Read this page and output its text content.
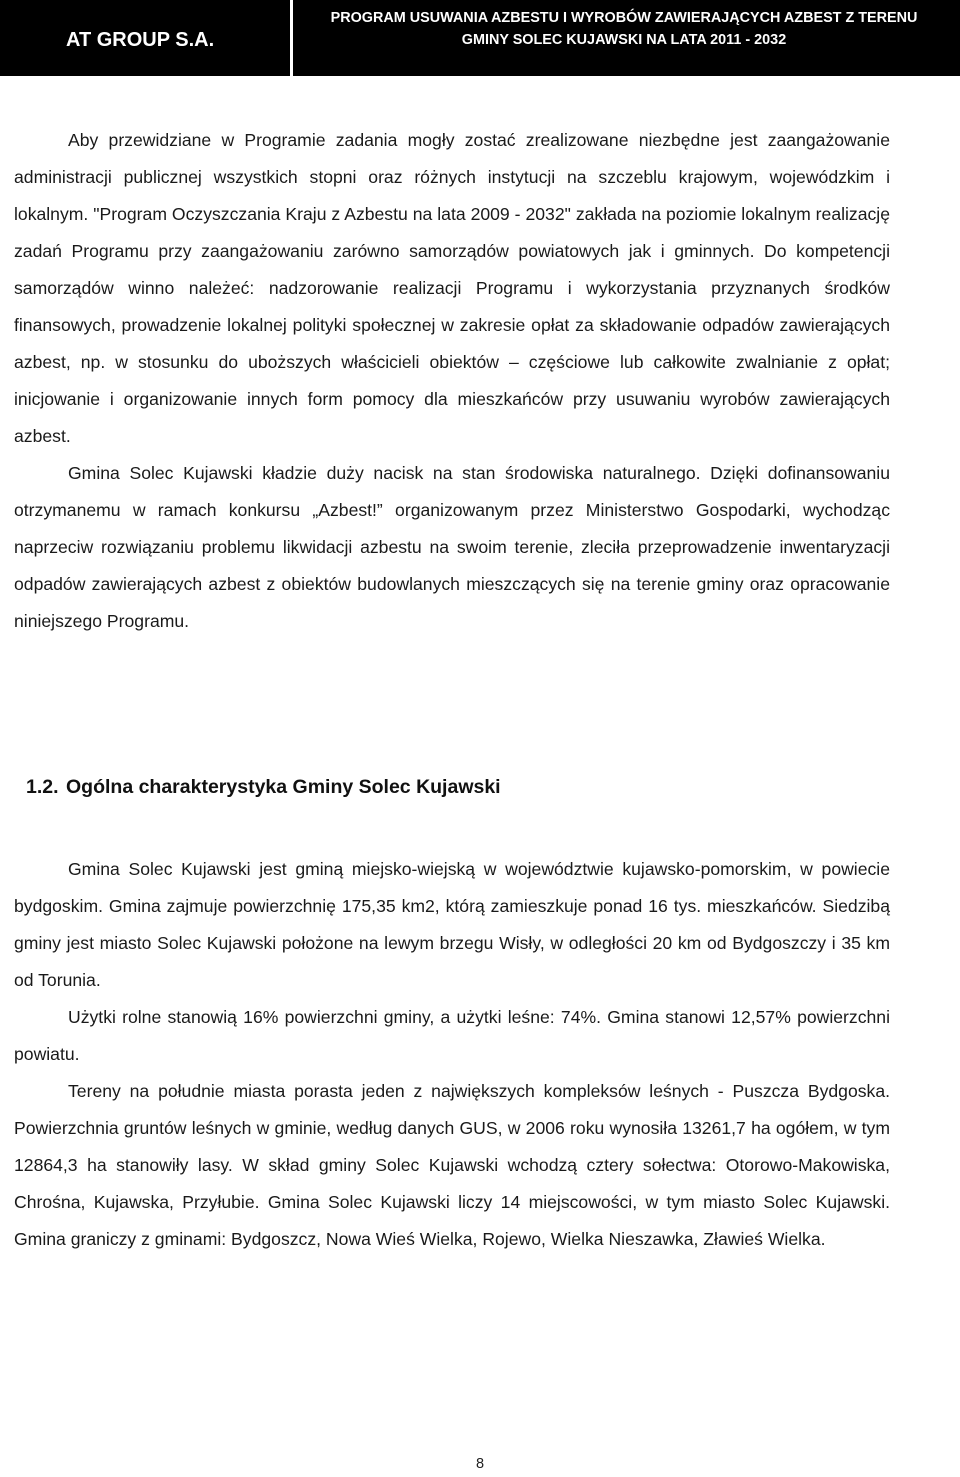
AT GROUP S.A.
PROGRAM USUWANIA AZBESTU I WYROBÓW ZAWIERAJĄCYCH AZBEST Z TERENU
GMINY SOLEC KUJAWSKI NA LATA 2011 - 2032

Aby przewidziane w Programie zadania mogły zostać zrealizowane niezbędne jest zaangażowanie administracji publicznej wszystkich stopni oraz różnych instytucji na szczeblu krajowym, wojewódzkim i lokalnym. "Program Oczyszczania Kraju z Azbestu na lata 2009 - 2032" zakłada na poziomie lokalnym realizację zadań Programu przy zaangażowaniu zarówno samorządów powiatowych jak i gminnych. Do kompetencji samorządów winno należeć: nadzorowanie realizacji Programu i wykorzystania przyznanych środków finansowych, prowadzenie lokalnej polityki społecznej w zakresie opłat za składowanie odpadów zawierających azbest, np. w stosunku do uboższych właścicieli obiektów – częściowe lub całkowite zwalnianie z opłat; inicjowanie i organizowanie innych form pomocy dla mieszkańców przy usuwaniu wyrobów zawierających azbest.

Gmina Solec Kujawski kładzie duży nacisk na stan środowiska naturalnego. Dzięki dofinansowaniu otrzymanemu w ramach konkursu „Azbest!” organizowanym przez Ministerstwo Gospodarki, wychodząc naprzeciw rozwiązaniu problemu likwidacji azbestu na swoim terenie, zleciła przeprowadzenie inwentaryzacji odpadów zawierających azbest z obiektów budowlanych mieszczących się na terenie gminy oraz opracowanie niniejszego Programu.

1.2. Ogólna charakterystyka Gminy Solec Kujawski

Gmina Solec Kujawski jest gminą miejsko-wiejską w województwie kujawsko-pomorskim, w powiecie bydgoskim. Gmina zajmuje powierzchnię 175,35 km2, którą zamieszkuje ponad 16 tys. mieszkańców. Siedzibą gminy jest miasto Solec Kujawski położone na lewym brzegu Wisły, w odległości 20 km od Bydgoszczy i 35 km od Torunia.

Użytki rolne stanowią 16% powierzchni gminy, a użytki leśne: 74%. Gmina stanowi 12,57% powierzchni powiatu.

Tereny na południe miasta porasta jeden z największych kompleksów leśnych - Puszcza Bydgoska. Powierzchnia gruntów leśnych w gminie, według danych GUS, w 2006 roku wynosiła 13261,7 ha ogółem, w tym 12864,3 ha stanowiły lasy. W skład gminy Solec Kujawski wchodzą cztery sołectwa: Otorowo-Makowiska, Chrośna, Kujawska, Przyłubie. Gmina Solec Kujawski liczy 14 miejscowości, w tym miasto Solec Kujawski. Gmina graniczy z gminami: Bydgoszcz, Nowa Wieś Wielka, Rojewo, Wielka Nieszawka, Zławieś Wielka.

8
